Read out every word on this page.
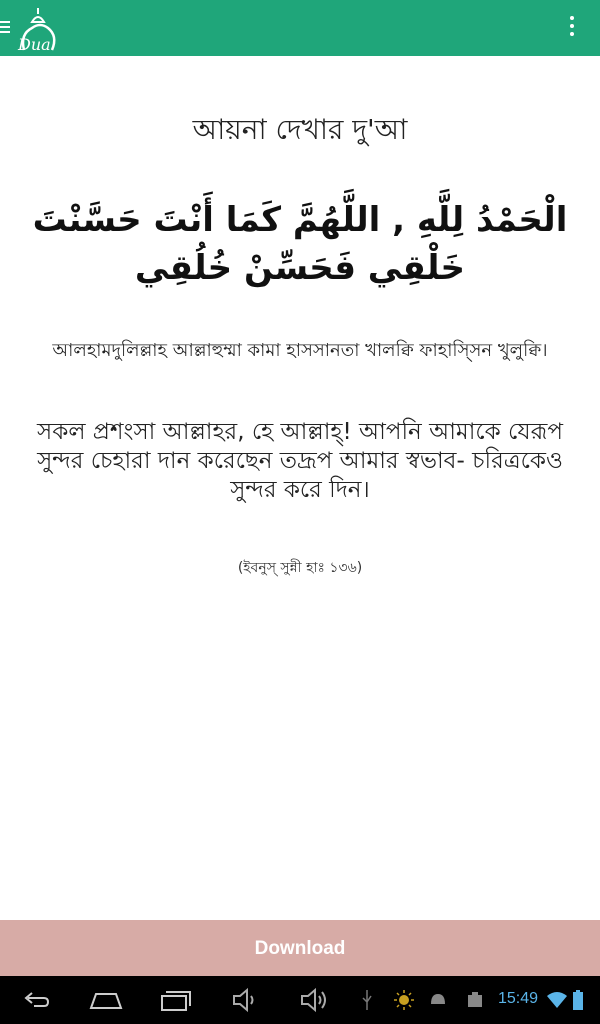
Dua
আয়না দেখার দু'আ
الْحَمْدُ لِلَّهِ , اللَّهُمَّ كَمَا أَنْتَ حَسَّنْتَ خَلْقِي فَحَسِّنْ خُلُقِي
আলহামদুলিল্লাহ আল্লাহুম্মা কামা হাসসানতা খালক্বি ফাহাস্সিন খুলুক্বি।
সকল প্রশংসা আল্লাহর, হে আল্লাহ্! আপনি আমাকে যেরূপ সুন্দর চেহারা দান করেছেন তদ্রূপ আমার স্বভাব- চরিত্রকেও সুন্দর করে দিন।
(ইবনুস্ সুন্নী হাঃ ১৩৬)
Download
15:49
